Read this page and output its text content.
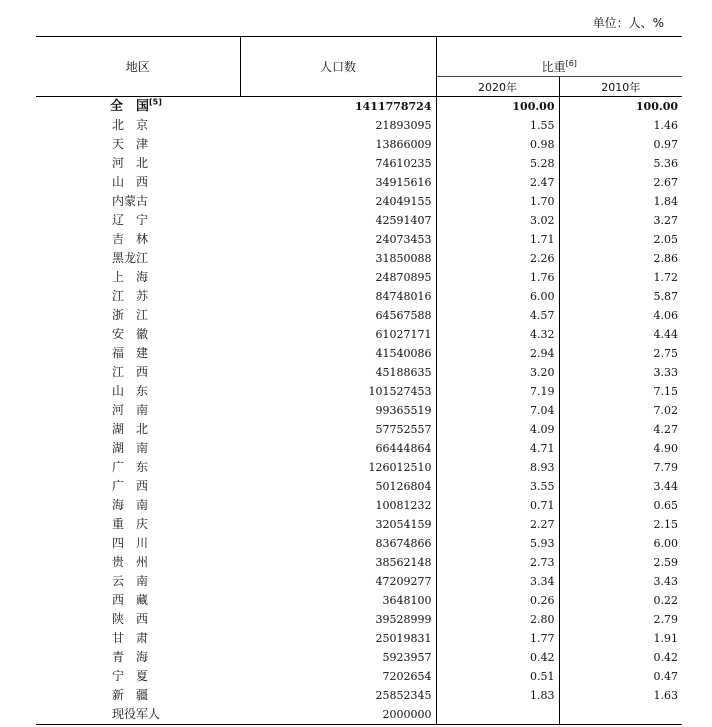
单位：人、%
地区	人口数	比重[6]
		2020年	2010年
全　国[5]	1411778724	100.00	100.00
北　京	21893095	1.55	1.46
天　津	13866009	0.98	0.97
河　北	74610235	5.28	5.36
山　西	34915616	2.47	2.67
内蒙古	24049155	1.70	1.84
辽　宁	42591407	3.02	3.27
吉　林	24073453	1.71	2.05
黑龙江	31850088	2.26	2.86
上　海	24870895	1.76	1.72
江　苏	84748016	6.00	5.87
浙　江	64567588	4.57	4.06
安　徽	61027171	4.32	4.44
福　建	41540086	2.94	2.75
江　西	45188635	3.20	3.33
山　东	101527453	7.19	7.15
河　南	99365519	7.04	7.02
湖　北	57752557	4.09	4.27
湖　南	66444864	4.71	4.90
广　东	126012510	8.93	7.79
广　西	50126804	3.55	3.44
海　南	10081232	0.71	0.65
重　庆	32054159	2.27	2.15
四　川	83674866	5.93	6.00
贵　州	38562148	2.73	2.59
云　南	47209277	3.34	3.43
西　藏	3648100	0.26	0.22
陕　西	39528999	2.80	2.79
甘　肃	25019831	1.77	1.91
青　海	5923957	0.42	0.42
宁　夏	7202654	0.51	0.47
新　疆	25852345	1.83	1.63
现役军人	2000000		
